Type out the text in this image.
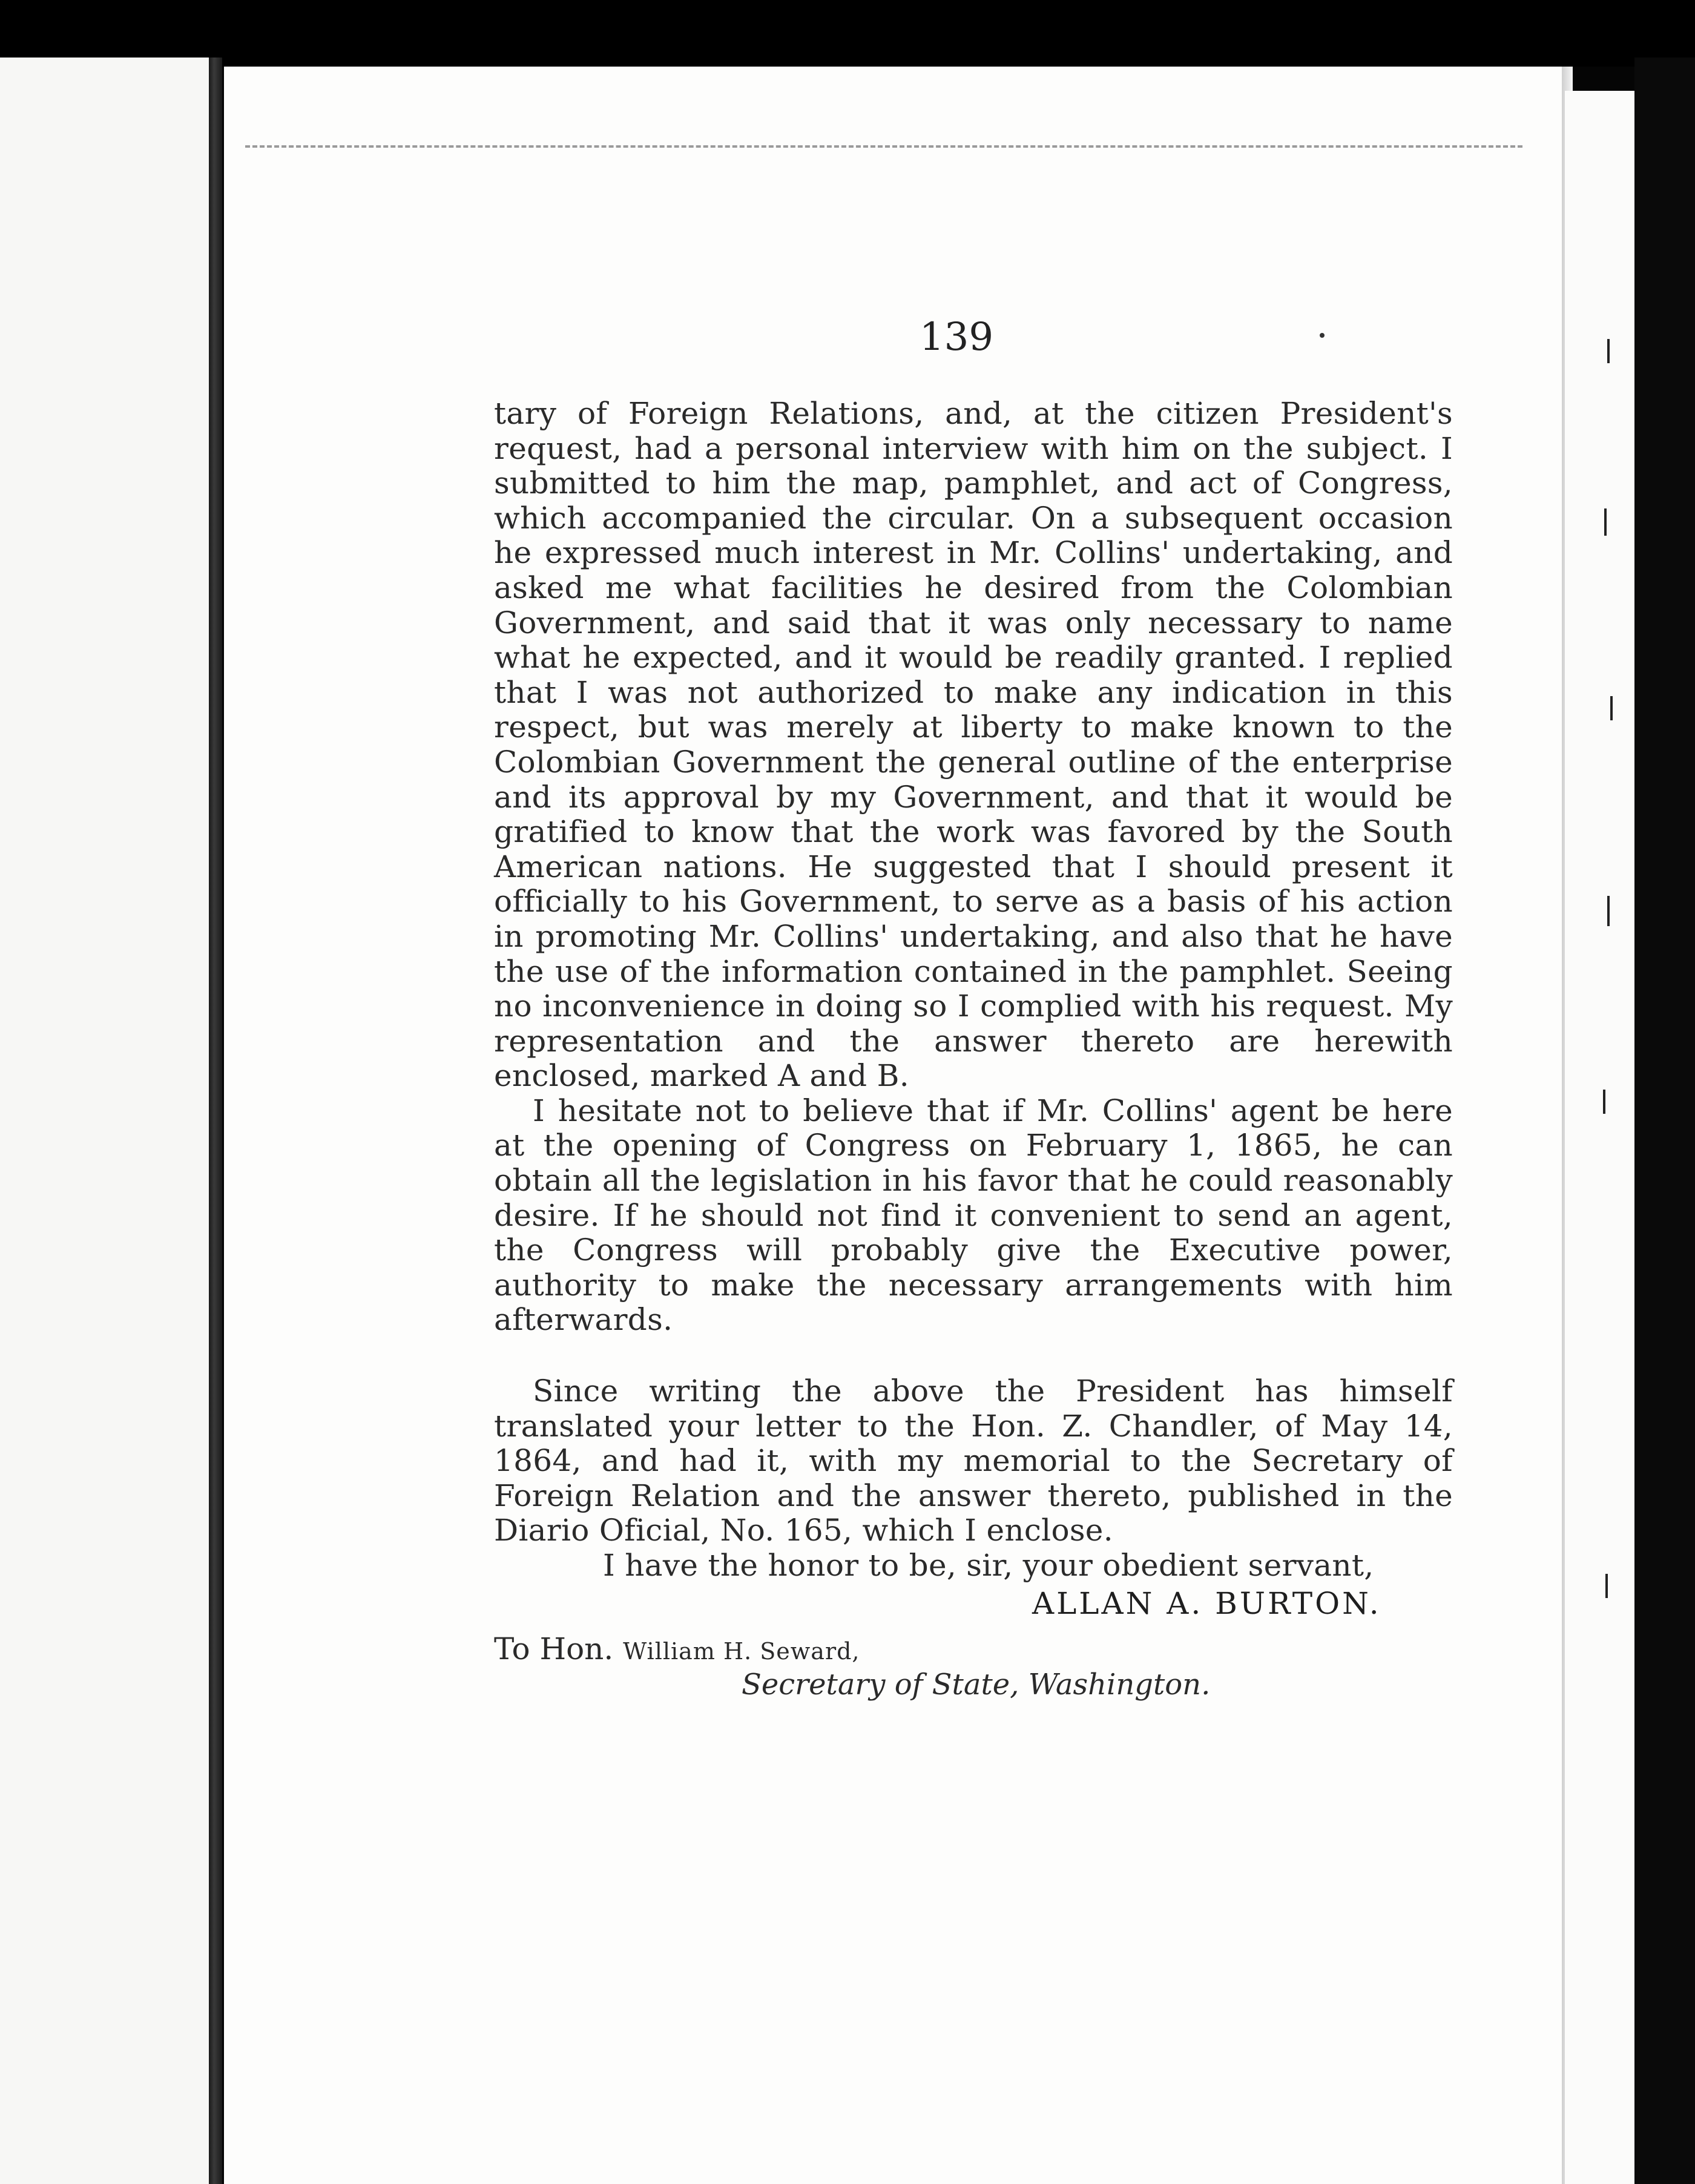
139

tary of Foreign Relations, and, at the citizen President's request, had a personal interview with him on the subject. I submitted to him the map, pamphlet, and act of Congress, which accompanied the circular. On a subsequent occasion he expressed much interest in Mr. Collins' undertaking, and asked me what facilities he desired from the Colombian Government, and said that it was only necessary to name what he expected, and it would be readily granted. I replied that I was not authorized to make any indication in this respect, but was merely at liberty to make known to the Colombian Government the general outline of the enterprise and its approval by my Government, and that it would be gratified to know that the work was favored by the South American nations. He suggested that I should present it officially to his Government, to serve as a basis of his action in promoting Mr. Collins' undertaking, and also that he have the use of the information contained in the pamphlet. Seeing no inconvenience in doing so I complied with his request. My representation and the answer thereto are herewith enclosed, marked A and B.

I hesitate not to believe that if Mr. Collins' agent be here at the opening of Congress on February 1, 1865, he can obtain all the legislation in his favor that he could reasonably desire. If he should not find it convenient to send an agent, the Congress will probably give the Executive power, authority to make the necessary arrangements with him afterwards.

Since writing the above the President has himself translated your letter to the Hon. Z. Chandler, of May 14, 1864, and had it, with my memorial to the Secretary of Foreign Relation and the answer thereto, published in the Diario Oficial, No. 165, which I enclose.

I have the honor to be, sir, your obedient servant,

ALLAN A. BURTON.

To Hon. William H. Seward,

Secretary of State, Washington.
